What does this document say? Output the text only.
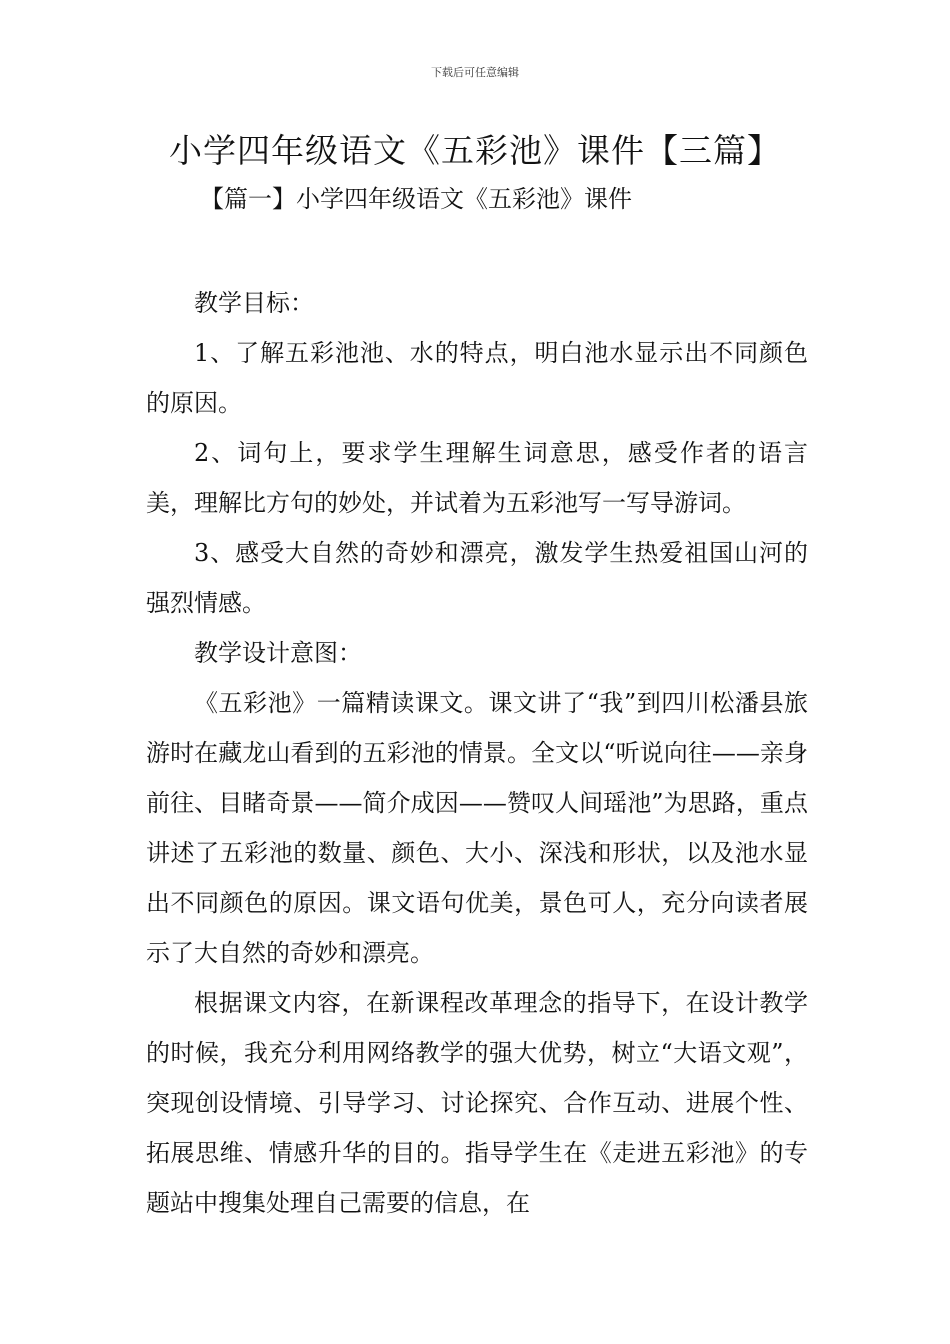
下载后可任意编辑
小学四年级语文《五彩池》课件【三篇】
【篇一】小学四年级语文《五彩池》课件

教学目标：

1、了解五彩池池、水的特点，明白池水显示出不同颜色的原因。

2、词句上，要求学生理解生词意思，感受作者的语言美，理解比方句的妙处，并试着为五彩池写一写导游词。

3、感受大自然的奇妙和漂亮，激发学生热爱祖国山河的强烈情感。

教学设计意图：

《五彩池》一篇精读课文。课文讲了“我”到四川松潘县旅游时在藏龙山看到的五彩池的情景。全文以“听说向往——亲身前往、目睹奇景——简介成因——赞叹人间瑶池”为思路，重点讲述了五彩池的数量、颜色、大小、深浅和形状，以及池水显出不同颜色的原因。课文语句优美，景色可人，充分向读者展示了大自然的奇妙和漂亮。

根据课文内容，在新课程改革理念的指导下，在设计教学的时候，我充分利用网络教学的强大优势，树立“大语文观”，突现创设情境、引导学习、讨论探究、合作互动、进展个性、拓展思维、情感升华的目的。指导学生在《走进五彩池》的专题站中搜集处理自己需要的信息，在
